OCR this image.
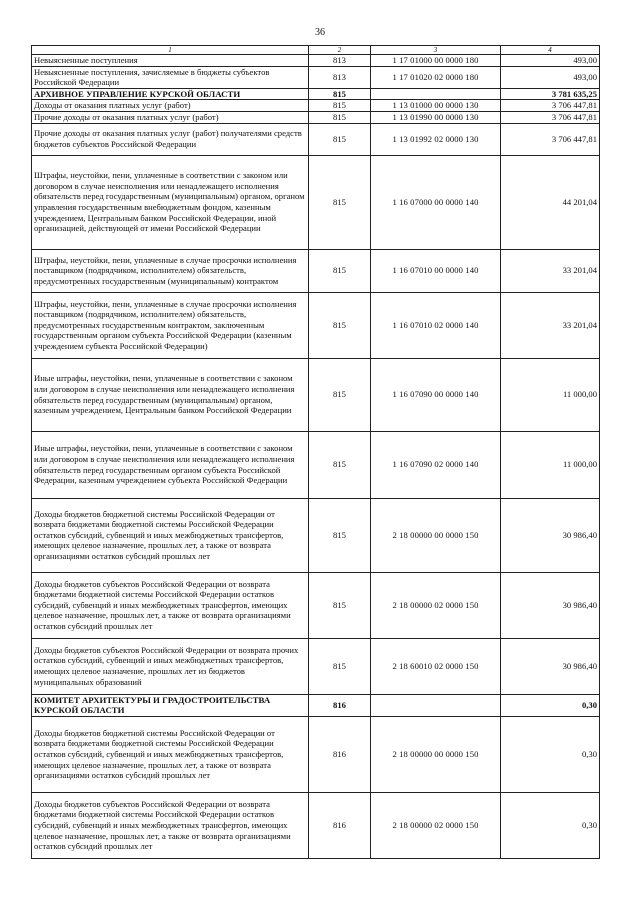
36
1	2	3	4
Невыясненные поступления	813	1 17 01000 00 0000 180	493,00
Невыясненные поступления, зачисляемые в бюджеты субъектов Российской Федерации	813	1 17 01020 02 0000 180	493,00
АРХИВНОЕ УПРАВЛЕНИЕ КУРСКОЙ ОБЛАСТИ	815		3 781 635,25
Доходы от оказания платных услуг (работ)	815	1 13 01000 00 0000 130	3 706 447,81
Прочие доходы от оказания платных услуг (работ)	815	1 13 01990 00 0000 130	3 706 447,81
Прочие доходы от оказания платных услуг (работ) получателями средств бюджетов субъектов Российской Федерации	815	1 13 01992 02 0000 130	3 706 447,81
Штрафы, неустойки, пени, уплаченные в соответствии с законом или договором в случае неисполнения или ненадлежащего исполнения обязательств перед государственным (муниципальным) органом, органом управления государственным внебюджетным фондом, казенным учреждением, Центральным банком Российской Федерации, иной организацией, действующей от имени Российской Федерации	815	1 16 07000 00 0000 140	44 201,04
Штрафы, неустойки, пени, уплаченные в случае просрочки исполнения поставщиком (подрядчиком, исполнителем) обязательств, предусмотренных государственным (муниципальным) контрактом	815	1 16 07010 00 0000 140	33 201,04
Штрафы, неустойки, пени, уплаченные в случае просрочки исполнения поставщиком (подрядчиком, исполнителем) обязательств, предусмотренных государственным контрактом, заключенным государственным органом субъекта Российской Федерации (казенным учреждением субъекта Российской Федерации)	815	1 16 07010 02 0000 140	33 201,04
Иные штрафы, неустойки, пени, уплаченные в соответствии с законом или договором в случае неисполнения или ненадлежащего исполнения обязательств перед государственным (муниципальным) органом, казенным учреждением, Центральным банком Российской Федерации	815	1 16 07090 00 0000 140	11 000,00
Иные штрафы, неустойки, пени, уплаченные в соответствии с законом или договором в случае неисполнения или ненадлежащего исполнения обязательств перед государственным органом субъекта Российской Федерации, казенным учреждением субъекта Российской Федерации	815	1 16 07090 02 0000 140	11 000,00
Доходы бюджетов бюджетной системы Российской Федерации от возврата бюджетами бюджетной системы Российской Федерации остатков субсидий, субвенций и иных межбюджетных трансфертов, имеющих целевое назначение, прошлых лет, а также от возврата организациями остатков субсидий прошлых лет	815	2 18 00000 00 0000 150	30 986,40
Доходы бюджетов субъектов Российской Федерации от возврата бюджетами бюджетной системы Российской Федерации остатков субсидий, субвенций и иных межбюджетных трансфертов, имеющих целевое назначение, прошлых лет, а также от возврата организациями остатков субсидий прошлых лет	815	2 18 00000 02 0000 150	30 986,40
Доходы бюджетов субъектов Российской Федерации от возврата прочих остатков субсидий, субвенций и иных межбюджетных трансфертов, имеющих целевое назначение, прошлых лет из бюджетов муниципальных образований	815	2 18 60010 02 0000 150	30 986,40
КОМИТЕТ АРХИТЕКТУРЫ И ГРАДОСТРОИТЕЛЬСТВА КУРСКОЙ ОБЛАСТИ	816		0,30
Доходы бюджетов бюджетной системы Российской Федерации от возврата бюджетами бюджетной системы Российской Федерации остатков субсидий, субвенций и иных межбюджетных трансфертов, имеющих целевое назначение, прошлых лет, а также от возврата организациями остатков субсидий прошлых лет	816	2 18 00000 00 0000 150	0,30
Доходы бюджетов субъектов Российской Федерации от возврата бюджетами бюджетной системы Российской Федерации остатков субсидий, субвенций и иных межбюджетных трансфертов, имеющих целевое назначение, прошлых лет, а также от возврата организациями остатков субсидий прошлых лет	816	2 18 00000 02 0000 150	0,30
